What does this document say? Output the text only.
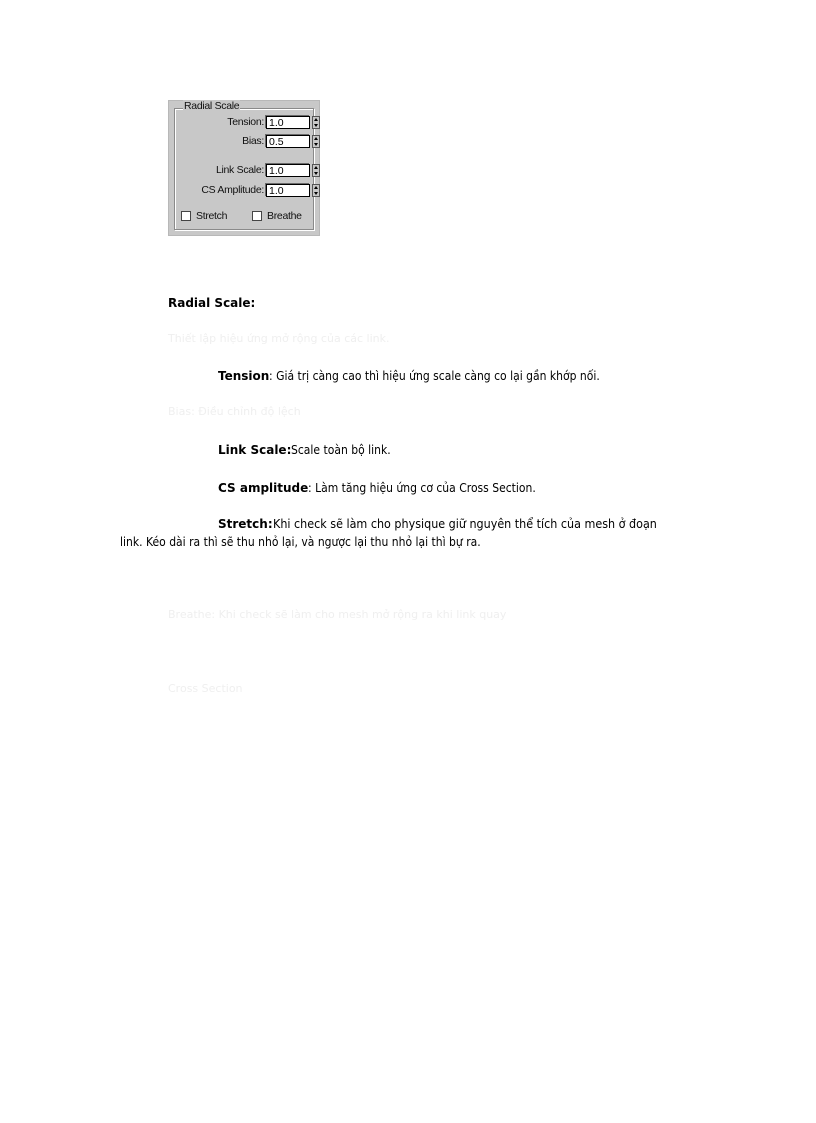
Radial Scale
Tension: 1.0
Bias: 0.5
Link Scale: 1.0
CS Amplitude: 1.0
Stretch	Breathe
Radial Scale:
Thiết lập hiệu ứng mở rộng của các link.
Tension: Giá trị càng cao thì hiệu ứng scale càng co lại gần khớp nối.
Bias: Điều chỉnh độ lệch
Link Scale:Scale toàn bộ link.
CS amplitude: Làm tăng hiệu ứng cơ của Cross Section.
Stretch:Khi check sẽ làm cho physique giữ nguyên thể tích của mesh ở đoạn
link. Kéo dài ra thì sẽ thu nhỏ lại, và ngược lại thu nhỏ lại thì bự ra.
Breathe: Khi check sẽ làm cho mesh mở rộng ra khi link quay
Cross Section
